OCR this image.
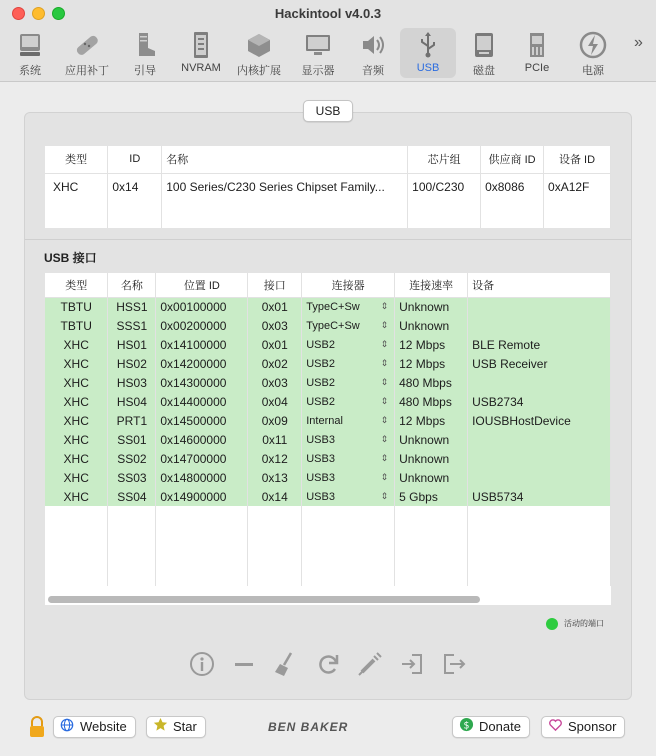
Hackintool v4.0.3
系统	应用补丁	引导	NVRAM	内核扩展	显示器	音频	USB	磁盘	PCIe	电源
»
USB
类型	ID	名称	芯片组	供应商 ID	设备 ID
XHC	0x14	100 Series/C230 Series Chipset Family...	100/C230	0x8086	0xA12F

USB 接口
类型	名称	位置 ID	接口	连接器	连接速率	设备
TBTU	HSS1	0x00100000	0x01	TypeC+Sw ⇕	Unknown	
TBTU	SSS1	0x00200000	0x03	TypeC+Sw ⇕	Unknown	
XHC	HS01	0x14100000	0x01	USB2 ⇕	12 Mbps	BLE Remote
XHC	HS02	0x14200000	0x02	USB2 ⇕	12 Mbps	USB Receiver
XHC	HS03	0x14300000	0x03	USB2 ⇕	480 Mbps	
XHC	HS04	0x14400000	0x04	USB2 ⇕	480 Mbps	USB2734
XHC	PRT1	0x14500000	0x09	Internal ⇕	12 Mbps	IOUSBHostDevice
XHC	SS01	0x14600000	0x11	USB3 ⇕	Unknown	
XHC	SS02	0x14700000	0x12	USB3 ⇕	Unknown	
XHC	SS03	0x14800000	0x13	USB3 ⇕	Unknown	
XHC	SS04	0x14900000	0x14	USB3 ⇕	5 Gbps	USB5734

活动的端口
Website	Star	BEN BAKER	$ Donate	Sponsor
